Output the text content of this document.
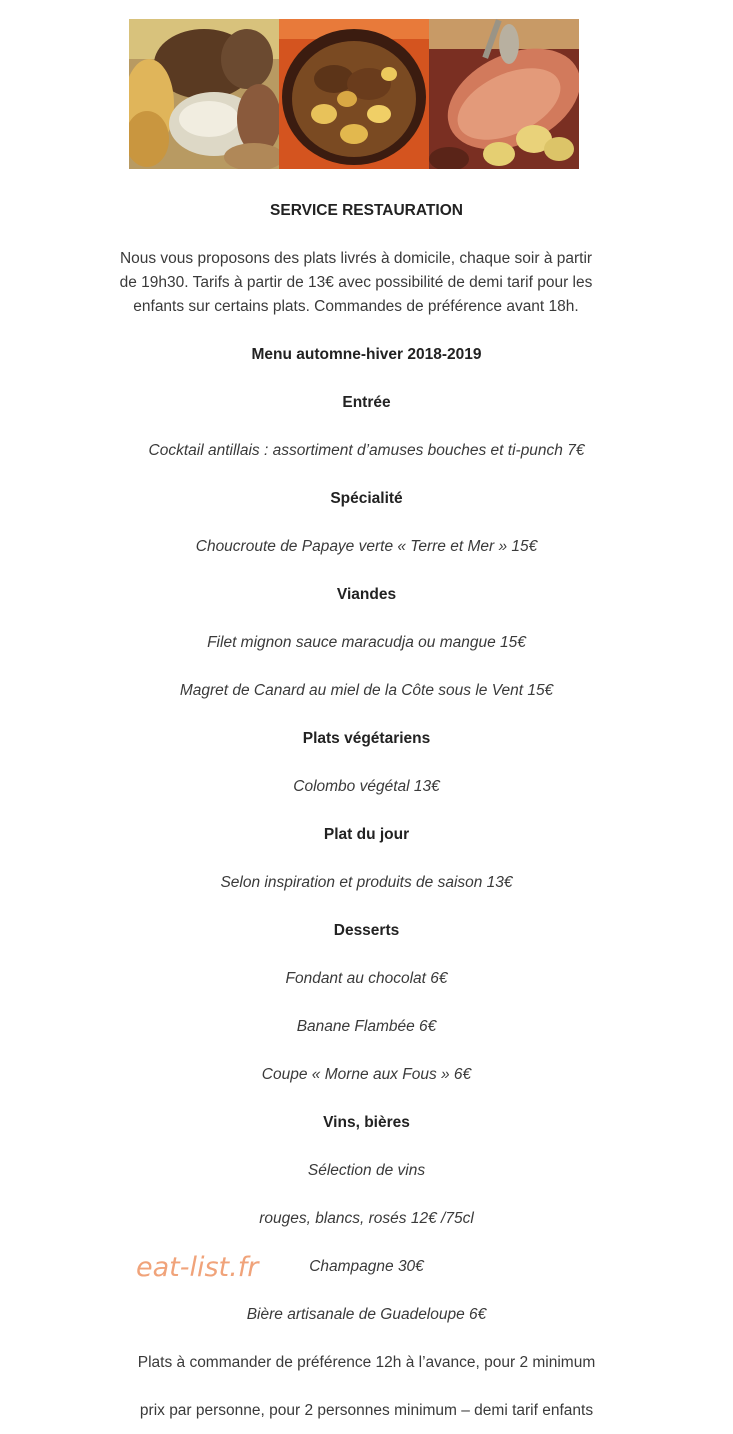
SERVICE RESTAURATION
Nous vous proposons des plats livrés à domicile, chaque soir à partir
de 19h30. Tarifs à partir de 13€ avec possibilité de demi tarif pour les
enfants sur certains plats. Commandes de préférence avant 18h.
Menu automne-hiver 2018-2019
Entrée
Cocktail antillais : assortiment d’amuses bouches et ti-punch 7€
Spécialité
Choucroute de Papaye verte « Terre et Mer » 15€
Viandes
Filet mignon sauce maracudja ou mangue 15€
Magret de Canard au miel de la Côte sous le Vent 15€
Plats végétariens
Colombo végétal 13€
Plat du jour
Selon inspiration et produits de saison 13€
Desserts
Fondant au chocolat 6€
Banane Flambée 6€
Coupe « Morne aux Fous » 6€
Vins, bières
Sélection de vins
rouges, blancs, rosés 12€ /75cl
Champagne 30€
Bière artisanale de Guadeloupe 6€
Plats à commander de préférence 12h à l’avance, pour 2 minimum
prix par personne, pour 2 personnes minimum – demi tarif enfants
eat-list.fr
